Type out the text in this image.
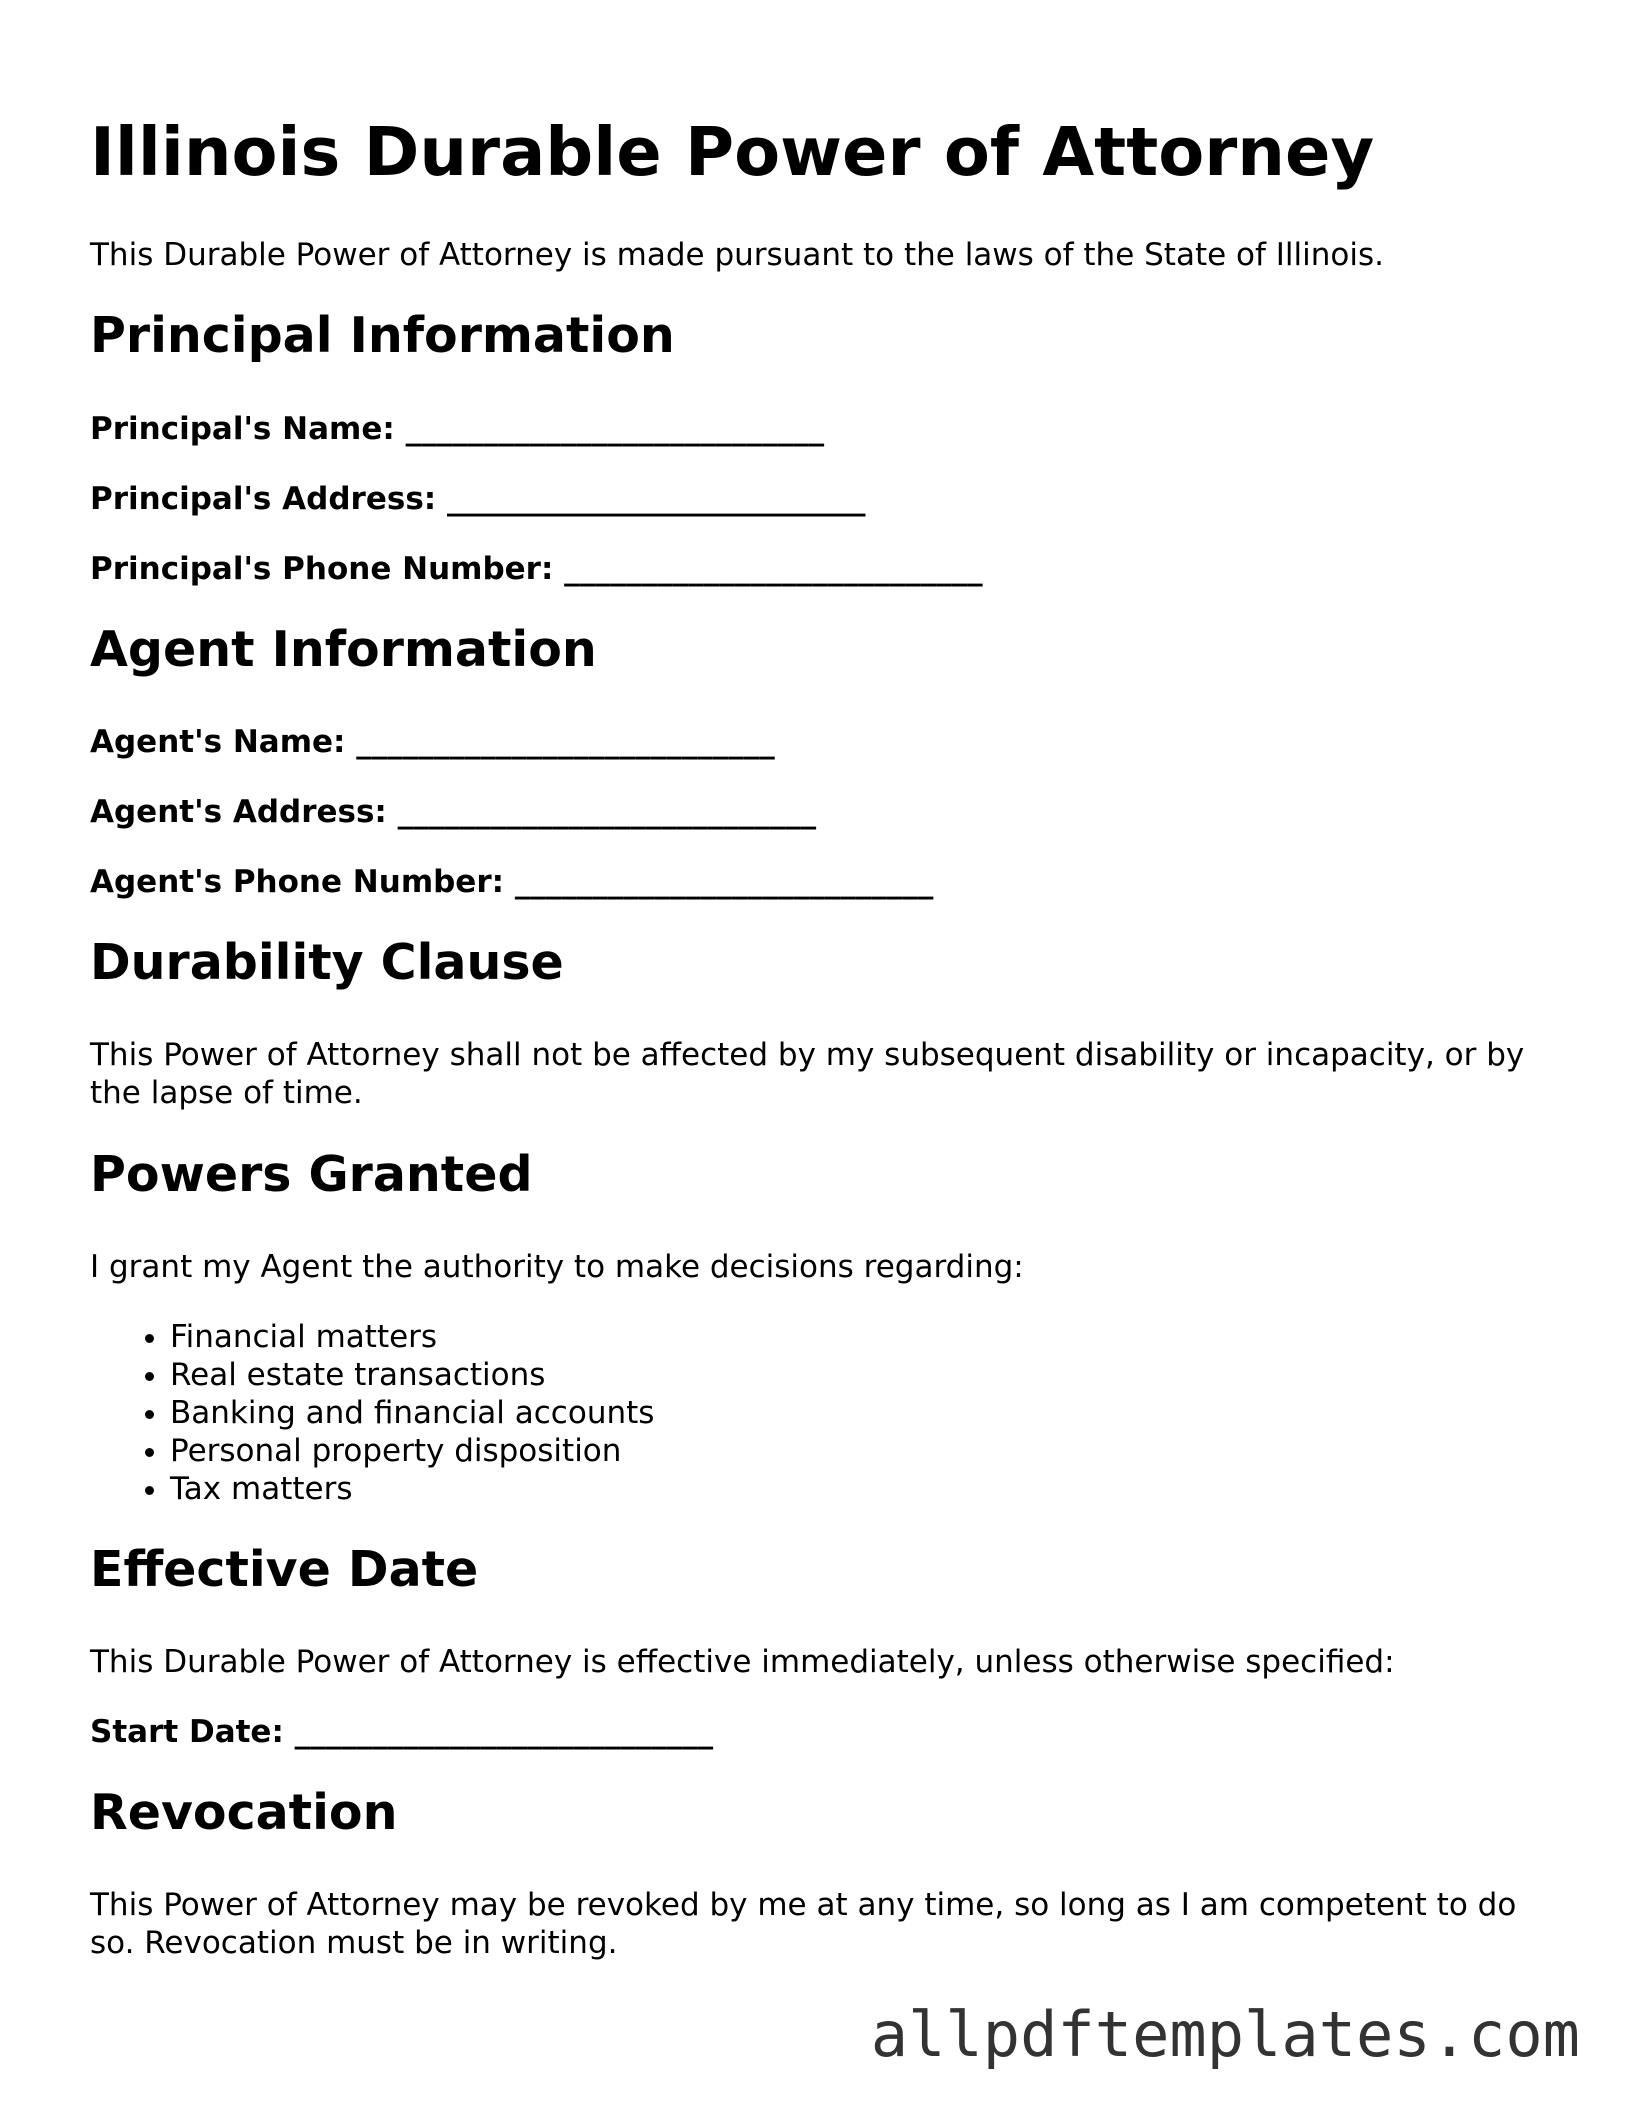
Illinois Durable Power of Attorney

This Durable Power of Attorney is made pursuant to the laws of the State of Illinois.

Principal Information
Principal's Name: ___________________________
Principal's Address: ___________________________
Principal's Phone Number: ___________________________
Agent Information
Agent's Name: ___________________________
Agent's Address: ___________________________
Agent's Phone Number: ___________________________
Durability Clause

This Power of Attorney shall not be affected by my subsequent disability or incapacity, or by the lapse of time.

Powers Granted

I grant my Agent the authority to make decisions regarding:

• Financial matters
• Real estate transactions
• Banking and financial accounts
• Personal property disposition
• Tax matters
Effective Date

This Durable Power of Attorney is effective immediately, unless otherwise specified:

Start Date: ___________________________
Revocation

This Power of Attorney may be revoked by me at any time, so long as I am competent to do so. Revocation must be in writing.

allpdftemplates.com
